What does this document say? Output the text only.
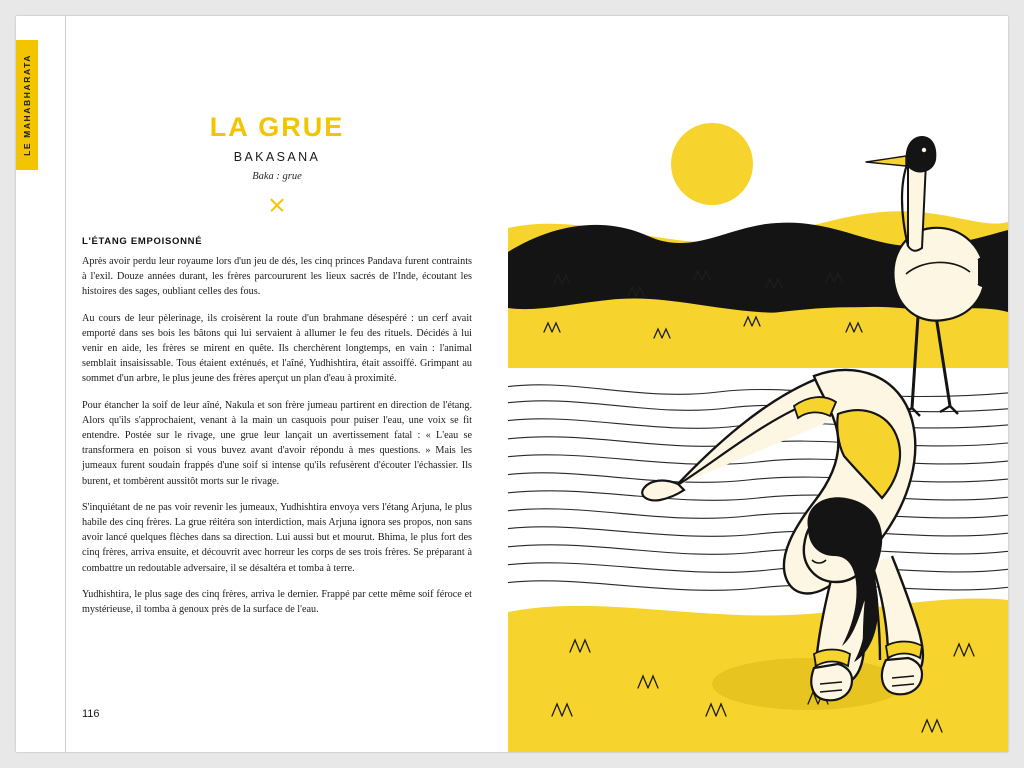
LE MAHABHARATA	LA GRUE
BAKASANA
Baka : grue
L'ÉTANG EMPOISONNÉ

Après avoir perdu leur royaume lors d'un jeu de dés, les cinq princes Pandava furent contraints à l'exil. Douze années durant, les frères parcoururent les lieux sacrés de l'Inde, écoutant les histoires des sages, oubliant celles des fous.

Au cours de leur pèlerinage, ils croisèrent la route d'un brahmane désespéré : un cerf avait emporté dans ses bois les bâtons qui lui servaient à allumer le feu des rituels. Décidés à lui venir en aide, les frères se mirent en quête. Ils cherchèrent longtemps, en vain : l'animal semblait insaisissable. Tous étaient exténués, et l'aîné, Yudhishtira, était assoiffé. Grimpant au sommet d'un arbre, le plus jeune des frères aperçut un plan d'eau à proximité.

Pour étancher la soif de leur aîné, Nakula et son frère jumeau partirent en direction de l'étang. Alors qu'ils s'approchaient, venant à la main un casquois pour puiser l'eau, une voix se fit entendre. Postée sur le rivage, une grue leur lançait un avertissement fatal : « L'eau se transformera en poison si vous buvez avant d'avoir répondu à mes questions. » Mais les jumeaux furent soudain frappés d'une soif si intense qu'ils refusèrent d'écouter l'échassier. Ils burent, et tombèrent aussitôt morts sur le rivage.

S'inquiétant de ne pas voir revenir les jumeaux, Yudhishtira envoya vers l'étang Arjuna, le plus habile des cinq frères. La grue réitéra son interdiction, mais Arjuna ignora ses propos, non sans avoir lancé quelques flèches dans sa direction. Lui aussi but et mourut. Bhima, le plus fort des cinq frères, arriva ensuite, et découvrit avec horreur les corps de ses trois frères. Se préparant à combattre un redoutable adversaire, il se désaltéra et tomba à terre.

Yudhishtira, le plus sage des cinq frères, arriva le dernier. Frappé par cette même soif féroce et mystérieuse, il tomba à genoux près de la surface de l'eau.

116
